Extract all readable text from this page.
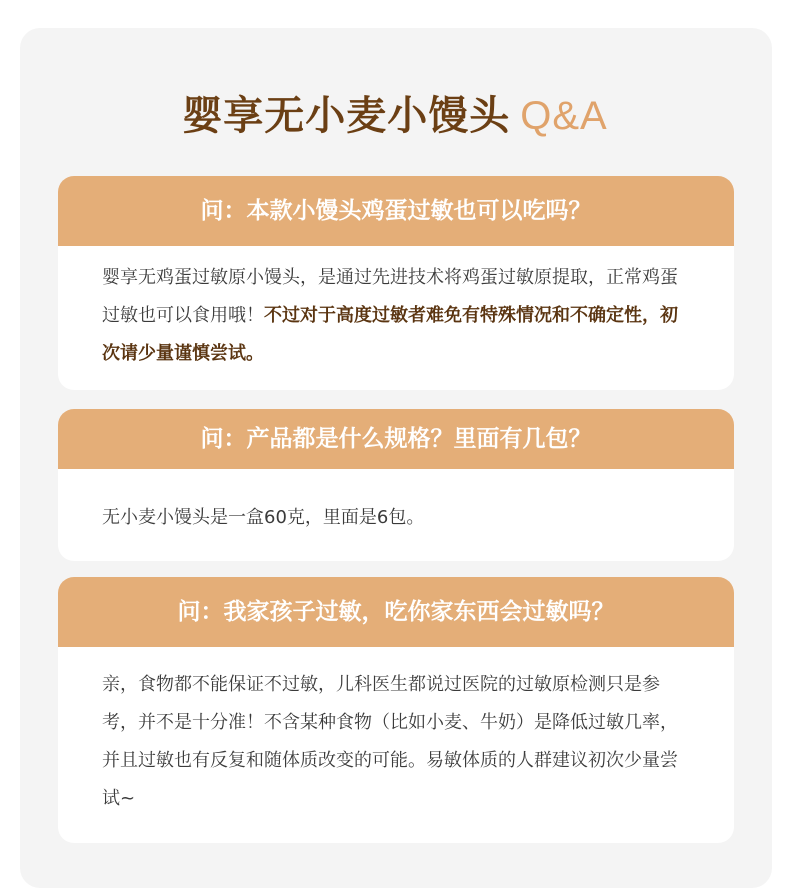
婴享无小麦小馒头 Q&A
问：本款小馒头鸡蛋过敏也可以吃吗？
婴享无鸡蛋过敏原小馒头，是通过先进技术将鸡蛋过敏原提取，正常鸡蛋过敏也可以食用哦！不过对于高度过敏者难免有特殊情况和不确定性，初次请少量谨慎尝试。
问：产品都是什么规格？里面有几包？
无小麦小馒头是一盒60克，里面是6包。
问：我家孩子过敏，吃你家东西会过敏吗？
亲，食物都不能保证不过敏，儿科医生都说过医院的过敏原检测只是参考，并不是十分准！不含某种食物（比如小麦、牛奶）是降低过敏几率，并且过敏也有反复和随体质改变的可能。易敏体质的人群建议初次少量尝试~
